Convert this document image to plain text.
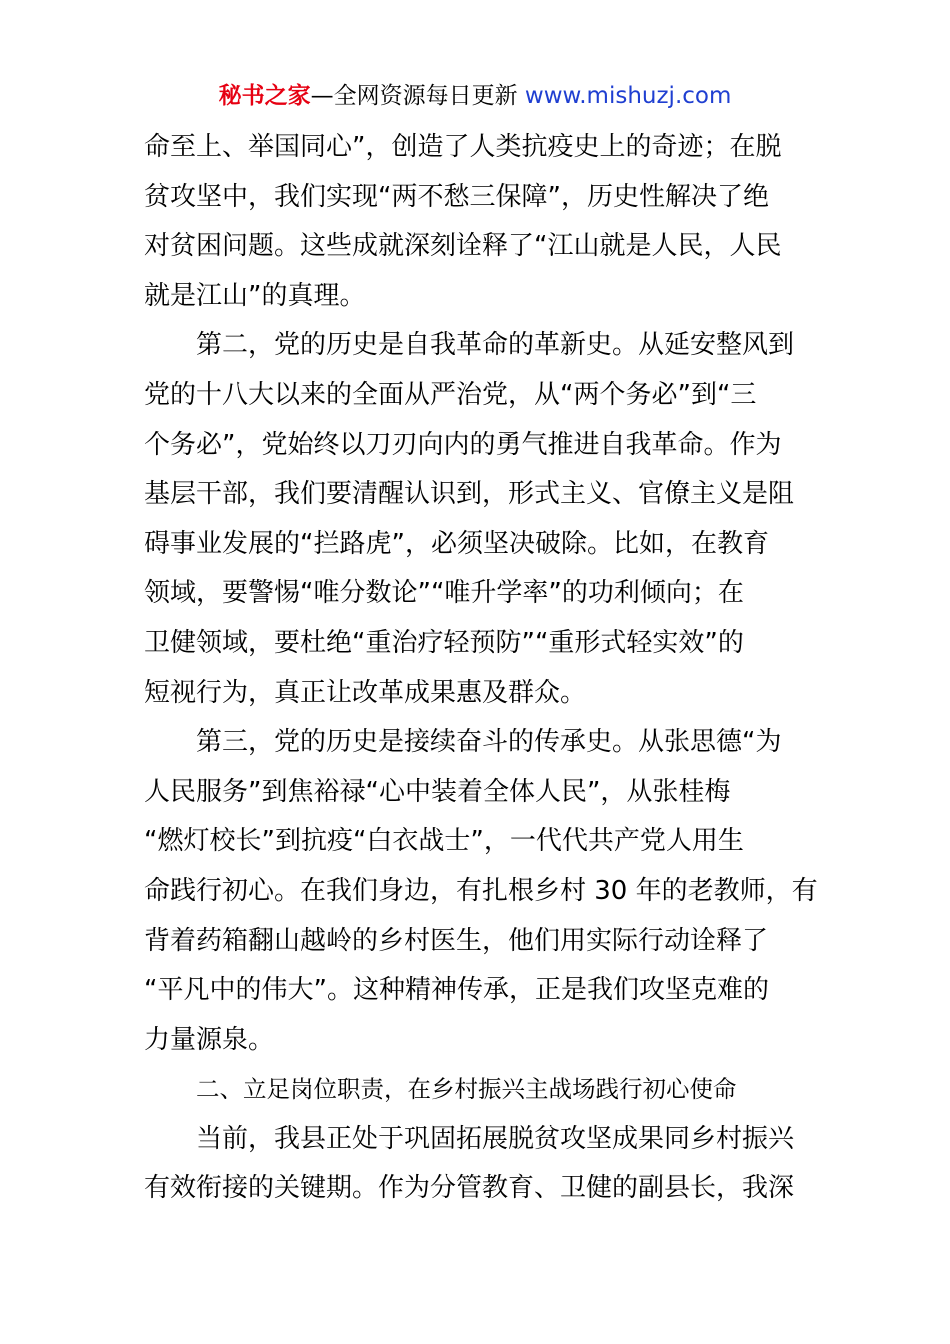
秘书之家—全网资源每日更新 www.mishuzj.com
命至上、举国同心”，创造了人类抗疫史上的奇迹；在脱
贫攻坚中，我们实现“两不愁三保障”，历史性解决了绝
对贫困问题。这些成就深刻诠释了“江山就是人民，人民
就是江山”的真理。
第二，党的历史是自我革命的革新史。从延安整风到
党的十八大以来的全面从严治党，从“两个务必”到“三
个务必”，党始终以刀刃向内的勇气推进自我革命。作为
基层干部，我们要清醒认识到，形式主义、官僚主义是阻
碍事业发展的“拦路虎”，必须坚决破除。比如，在教育
领域，要警惕“唯分数论”“唯升学率”的功利倾向；在
卫健领域，要杜绝“重治疗轻预防”“重形式轻实效”的
短视行为，真正让改革成果惠及群众。
第三，党的历史是接续奋斗的传承史。从张思德“为
人民服务”到焦裕禄“心中装着全体人民”，从张桂梅
“燃灯校长”到抗疫“白衣战士”，一代代共产党人用生
命践行初心。在我们身边，有扎根乡村 30 年的老教师，有
背着药箱翻山越岭的乡村医生，他们用实际行动诠释了
“平凡中的伟大”。这种精神传承，正是我们攻坚克难的
力量源泉。
二、立足岗位职责，在乡村振兴主战场践行初心使命
当前，我县正处于巩固拓展脱贫攻坚成果同乡村振兴
有效衔接的关键期。作为分管教育、卫健的副县长，我深
